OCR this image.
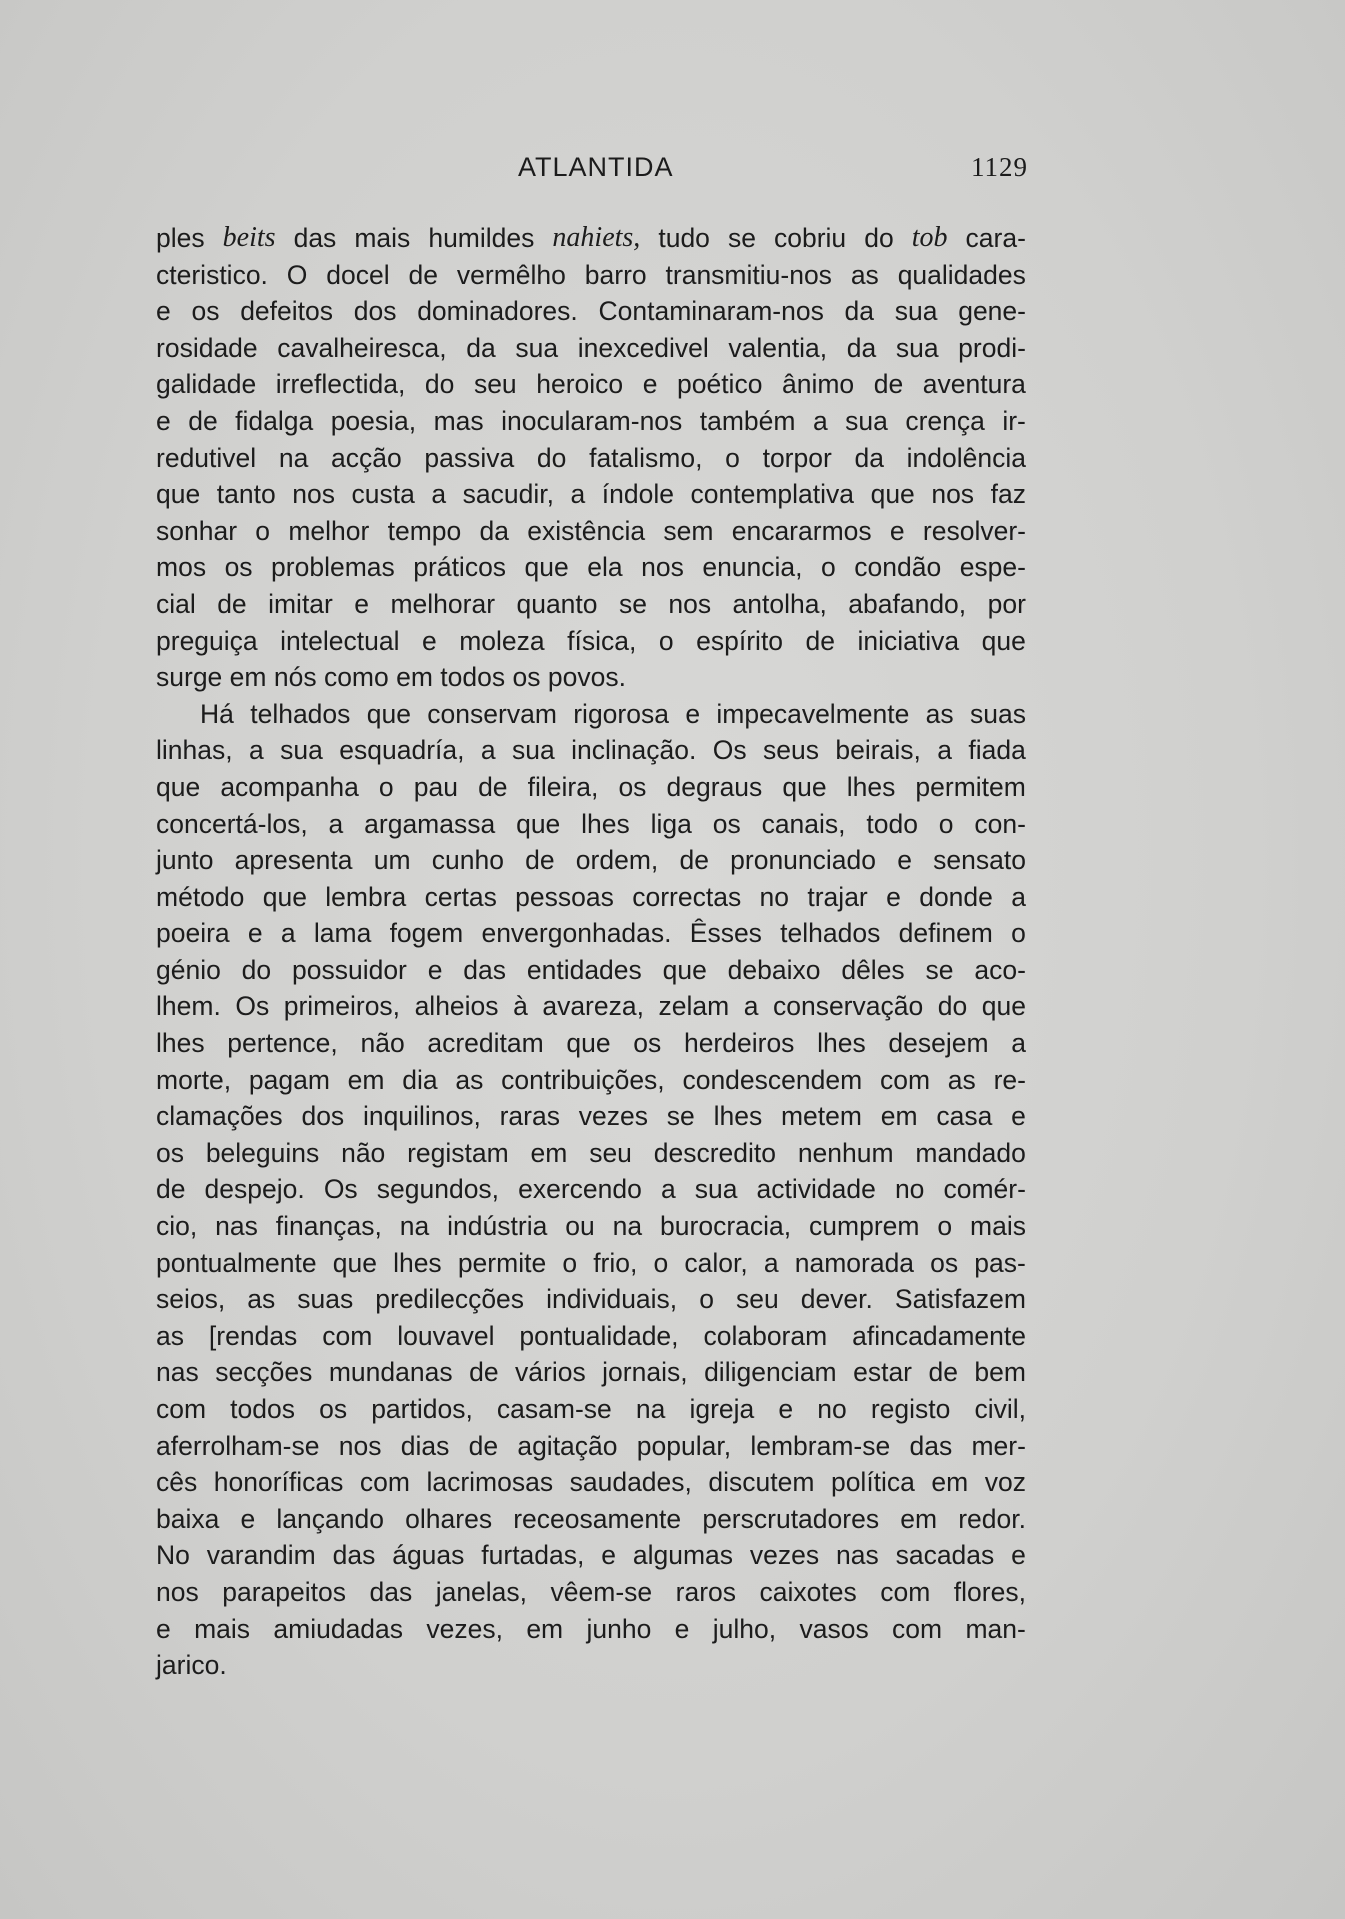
ATLANTIDA	1129
ples beits das mais humildes nahiets, tudo se cobriu do tob cara-
cteristico. O docel de vermêlho barro transmitiu-nos as qualidades
e os defeitos dos dominadores. Contaminaram-nos da sua gene-
rosidade cavalheiresca, da sua inexcedivel valentia, da sua prodi-
galidade irreflectida, do seu heroico e poético ânimo de aventura
e de fidalga poesia, mas inocularam-nos também a sua crença ir-
redutivel na acção passiva do fatalismo, o torpor da indolência
que tanto nos custa a sacudir, a índole contemplativa que nos faz
sonhar o melhor tempo da existência sem encararmos e resolver-
mos os problemas práticos que ela nos enuncia, o condão espe-
cial de imitar e melhorar quanto se nos antolha, abafando, por
preguiça intelectual e moleza física, o espírito de iniciativa que
surge em nós como em todos os povos.
Há telhados que conservam rigorosa e impecavelmente as suas
linhas, a sua esquadría, a sua inclinação. Os seus beirais, a fiada
que acompanha o pau de fileira, os degraus que lhes permitem
concertá-los, a argamassa que lhes liga os canais, todo o con-
junto apresenta um cunho de ordem, de pronunciado e sensato
método que lembra certas pessoas correctas no trajar e donde a
poeira e a lama fogem envergonhadas. Êsses telhados definem o
génio do possuidor e das entidades que debaixo dêles se aco-
lhem. Os primeiros, alheios à avareza, zelam a conservação do que
lhes pertence, não acreditam que os herdeiros lhes desejem a
morte, pagam em dia as contribuições, condescendem com as re-
clamações dos inquilinos, raras vezes se lhes metem em casa e
os beleguins não registam em seu descredito nenhum mandado
de despejo. Os segundos, exercendo a sua actividade no comér-
cio, nas finanças, na indústria ou na burocracia, cumprem o mais
pontualmente que lhes permite o frio, o calor, a namorada os pas-
seios, as suas predilecções individuais, o seu dever. Satisfazem
as [rendas com louvavel pontualidade, colaboram afincadamente
nas secções mundanas de vários jornais, diligenciam estar de bem
com todos os partidos, casam-se na igreja e no registo civil,
aferrolham-se nos dias de agitação popular, lembram-se das mer-
cês honoríficas com lacrimosas saudades, discutem política em voz
baixa e lançando olhares receosamente perscrutadores em redor.
No varandim das águas furtadas, e algumas vezes nas sacadas e
nos parapeitos das janelas, vêem-se raros caixotes com flores,
e mais amiudadas vezes, em junho e julho, vasos com man-
jarico.
